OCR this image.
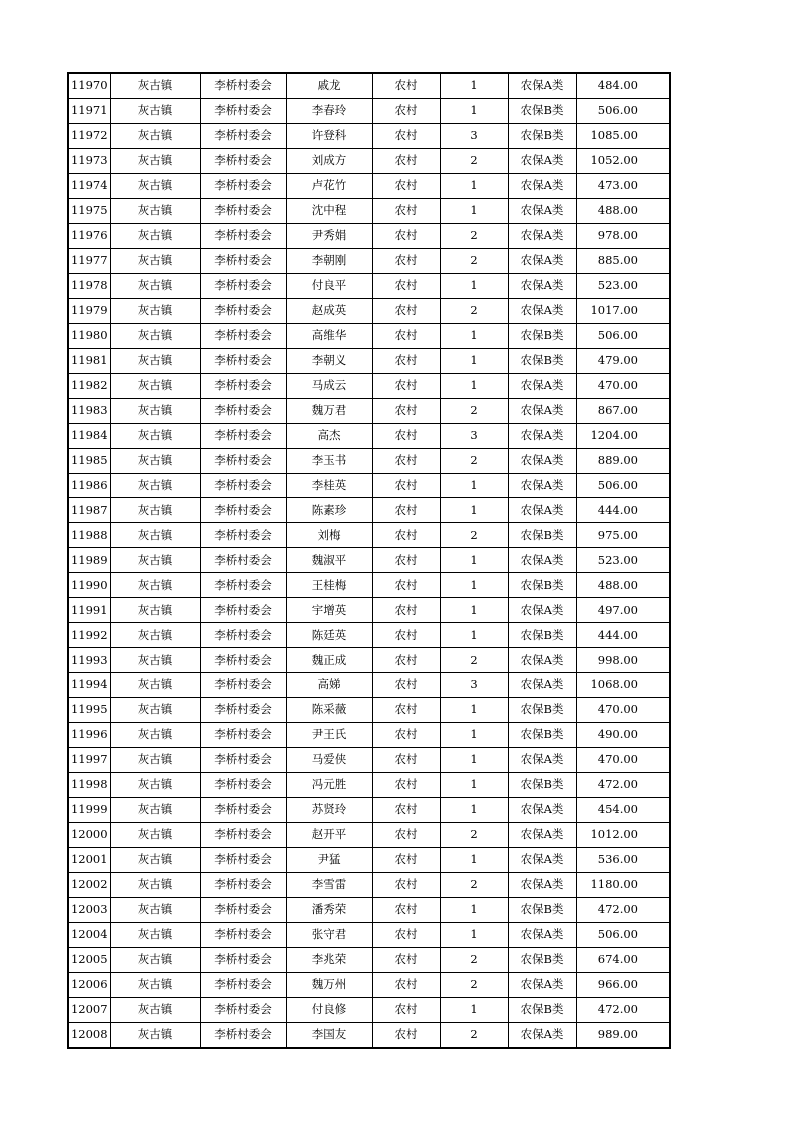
11970	灰古镇	李桥村委会	戚龙	农村	1	农保A类	484.00
11971	灰古镇	李桥村委会	李春玲	农村	1	农保B类	506.00
11972	灰古镇	李桥村委会	许登科	农村	3	农保B类	1085.00
11973	灰古镇	李桥村委会	刘成方	农村	2	农保A类	1052.00
11974	灰古镇	李桥村委会	卢花竹	农村	1	农保A类	473.00
11975	灰古镇	李桥村委会	沈中程	农村	1	农保A类	488.00
11976	灰古镇	李桥村委会	尹秀娟	农村	2	农保A类	978.00
11977	灰古镇	李桥村委会	李朝刚	农村	2	农保A类	885.00
11978	灰古镇	李桥村委会	付良平	农村	1	农保A类	523.00
11979	灰古镇	李桥村委会	赵成英	农村	2	农保A类	1017.00
11980	灰古镇	李桥村委会	高维华	农村	1	农保B类	506.00
11981	灰古镇	李桥村委会	李朝义	农村	1	农保B类	479.00
11982	灰古镇	李桥村委会	马成云	农村	1	农保A类	470.00
11983	灰古镇	李桥村委会	魏万君	农村	2	农保A类	867.00
11984	灰古镇	李桥村委会	高杰	农村	3	农保A类	1204.00
11985	灰古镇	李桥村委会	李玉书	农村	2	农保A类	889.00
11986	灰古镇	李桥村委会	李桂英	农村	1	农保A类	506.00
11987	灰古镇	李桥村委会	陈素珍	农村	1	农保A类	444.00
11988	灰古镇	李桥村委会	刘梅	农村	2	农保B类	975.00
11989	灰古镇	李桥村委会	魏淑平	农村	1	农保A类	523.00
11990	灰古镇	李桥村委会	王桂梅	农村	1	农保B类	488.00
11991	灰古镇	李桥村委会	宇增英	农村	1	农保A类	497.00
11992	灰古镇	李桥村委会	陈廷英	农村	1	农保B类	444.00
11993	灰古镇	李桥村委会	魏正成	农村	2	农保A类	998.00
11994	灰古镇	李桥村委会	高娣	农村	3	农保A类	1068.00
11995	灰古镇	李桥村委会	陈采薇	农村	1	农保B类	470.00
11996	灰古镇	李桥村委会	尹王氏	农村	1	农保B类	490.00
11997	灰古镇	李桥村委会	马爱侠	农村	1	农保A类	470.00
11998	灰古镇	李桥村委会	冯元胜	农村	1	农保B类	472.00
11999	灰古镇	李桥村委会	苏贤玲	农村	1	农保A类	454.00
12000	灰古镇	李桥村委会	赵开平	农村	2	农保A类	1012.00
12001	灰古镇	李桥村委会	尹猛	农村	1	农保A类	536.00
12002	灰古镇	李桥村委会	李雪雷	农村	2	农保A类	1180.00
12003	灰古镇	李桥村委会	潘秀荣	农村	1	农保B类	472.00
12004	灰古镇	李桥村委会	张守君	农村	1	农保A类	506.00
12005	灰古镇	李桥村委会	李兆荣	农村	2	农保B类	674.00
12006	灰古镇	李桥村委会	魏万州	农村	2	农保A类	966.00
12007	灰古镇	李桥村委会	付良修	农村	1	农保B类	472.00
12008	灰古镇	李桥村委会	李国友	农村	2	农保A类	989.00
